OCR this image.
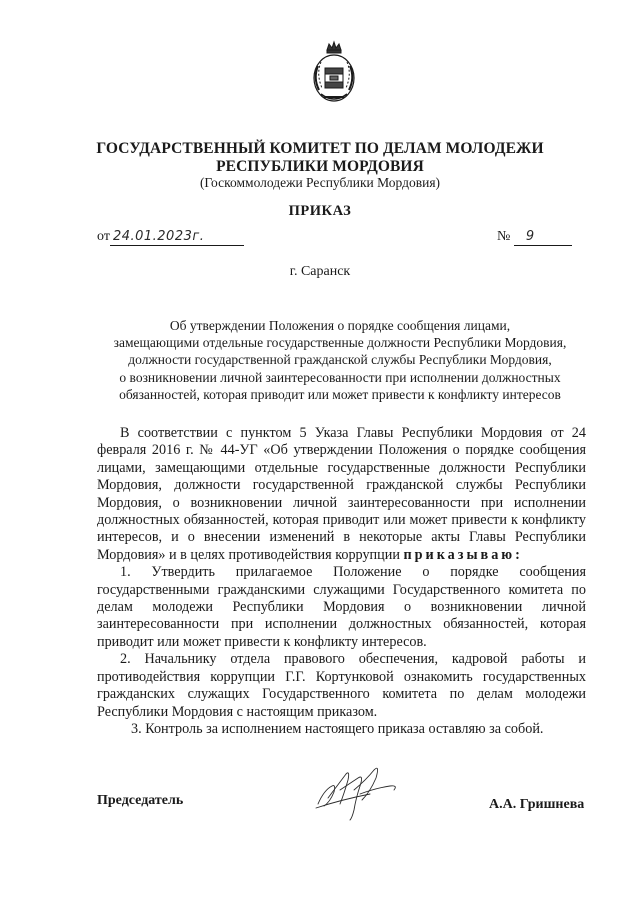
ГОСУДАРСТВЕННЫЙ КОМИТЕТ ПО ДЕЛАМ МОЛОДЕЖИ
РЕСПУБЛИКИ МОРДОВИЯ
(Госкоммолодежи Республики Мордовия)
ПРИКАЗ
от 24.01.2023г.	№ 9
г. Саранск
Об утверждении Положения о порядке сообщения лицами,
замещающими отдельные государственные должности Республики Мордовия,
должности государственной гражданской службы Республики Мордовия,
о возникновении личной заинтересованности при исполнении должностных
обязанностей, которая приводит или может привести к конфликту интересов

В соответствии с пунктом 5 Указа Главы Республики Мордовия от 24 февраля 2016 г. № 44-УГ «Об утверждении Положения о порядке сообщения лицами, замещающими отдельные государственные должности Республики Мордовия, должности государственной гражданской службы Республики Мордовия, о возникновении личной заинтересованности при исполнении должностных обязанностей, которая приводит или может привести к конфликту интересов, и о внесении изменений в некоторые акты Главы Республики Мордовия» и в целях противодействия коррупции приказываю:

1. Утвердить прилагаемое Положение о порядке сообщения государственными гражданскими служащими Государственного комитета по делам молодежи Республики Мордовия о возникновении личной заинтересованности при исполнении должностных обязанностей, которая приводит или может привести к конфликту интересов.

2. Начальнику отдела правового обеспечения, кадровой работы и противодействия коррупции Г.Г. Кортунковой ознакомить государственных гражданских служащих Государственного комитета по делам молодежи Республики Мордовия с настоящим приказом.

3. Контроль за исполнением настоящего приказа оставляю за собой.

Председатель	А.А. Гришнева
